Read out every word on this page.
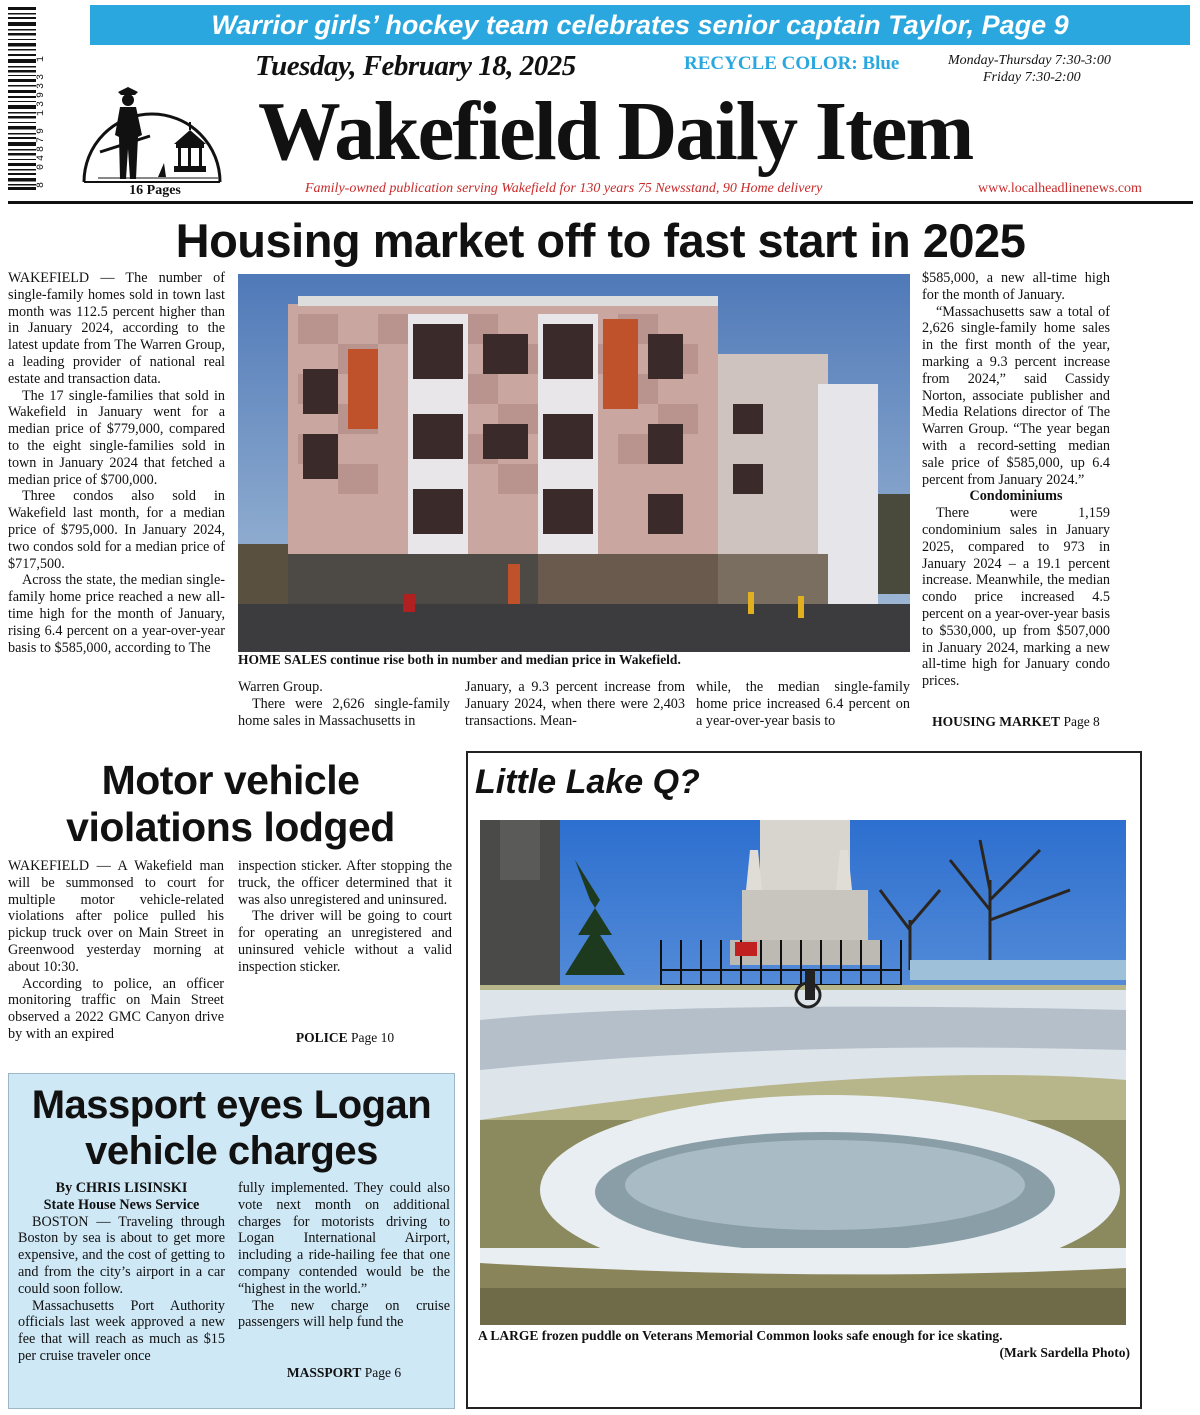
Warrior girls’ hockey team celebrates senior captain Taylor, Page 9
8 04879 13933 1
16 Pages
Tuesday, February 18, 2025	RECYCLE COLOR: Blue	Monday-Thursday 7:30-3:00
Friday 7:30-2:00
Wakefield Daily Item
Family-owned publication serving Wakefield for 130 years 75 Newsstand, 90 Home delivery	www.localheadlinenews.com
Housing market off to fast start in 2025

WAKEFIELD — The number of single-family homes sold in town last month was 112.5 percent higher than in January 2024, according to the latest update from The Warren Group, a leading provider of national real estate and transaction data.

The 17 single-families that sold in Wakefield in January went for a median price of $779,000, compared to the eight single-families sold in town in January 2024 that fetched a median price of $700,000.

Three condos also sold in Wakefield last month, for a median price of $795,000. In January 2024, two condos sold for a median price of $717,500.

Across the state, the median single-family home price reached a new all-time high for the month of January, rising 6.4 percent on a year-over-year basis to $585,000, according to The

HOME SALES continue rise both in number and median price in Wakefield.

Warren Group.

There were 2,626 single-family home sales in Massachusetts in

January, a 9.3 percent increase from January 2024, when there were 2,403 transactions. Mean-

while, the median single-family home price increased 6.4 percent on a year-over-year basis to

$585,000, a new all-time high for the month of January.

“Massachusetts saw a total of 2,626 single-family home sales in the first month of the year, marking a 9.3 percent increase from 2024,” said Cassidy Norton, associate publisher and Media Relations director of The Warren Group. “The year began with a record-setting median sale price of $585,000, up 6.4 percent from January 2024.”

Condominiums

There were 1,159 condominium sales in January 2025, compared to 973 in January 2024 – a 19.1 percent increase. Meanwhile, the median condo price increased 4.5 percent on a year-over-year basis to $530,000, up from $507,000 in January 2024, marking a new all-time high for January condo prices.

HOUSING MARKET Page 8
Motor vehicle violations lodged

WAKEFIELD — A Wakefield man will be summonsed to court for multiple motor vehicle-related violations after police pulled his pickup truck over on Main Street in Greenwood yesterday morning at about 10:30.

According to police, an officer monitoring traffic on Main Street observed a 2022 GMC Canyon drive by with an expired

inspection sticker. After stopping the truck, the officer determined that it was also unregistered and uninsured.

The driver will be going to court for operating an unregistered and uninsured vehicle without a valid inspection sticker.

POLICE Page 10
Massport eyes Logan vehicle charges

By CHRIS LISINSKI

State House News Service

BOSTON — Traveling through Boston by sea is about to get more expensive, and the cost of getting to and from the city’s airport in a car could soon follow.

Massachusetts Port Authority officials last week approved a new fee that will reach as much as $15 per cruise traveler once

fully implemented. They could also vote next month on additional charges for motorists driving to Logan International Airport, including a ride-hailing fee that one company contended would be the “highest in the world.”

The new charge on cruise passengers will help fund the

MASSPORT Page 6
Little Lake Q?
A LARGE frozen puddle on Veterans Memorial Common looks safe enough for ice skating.
(Mark Sardella Photo)
